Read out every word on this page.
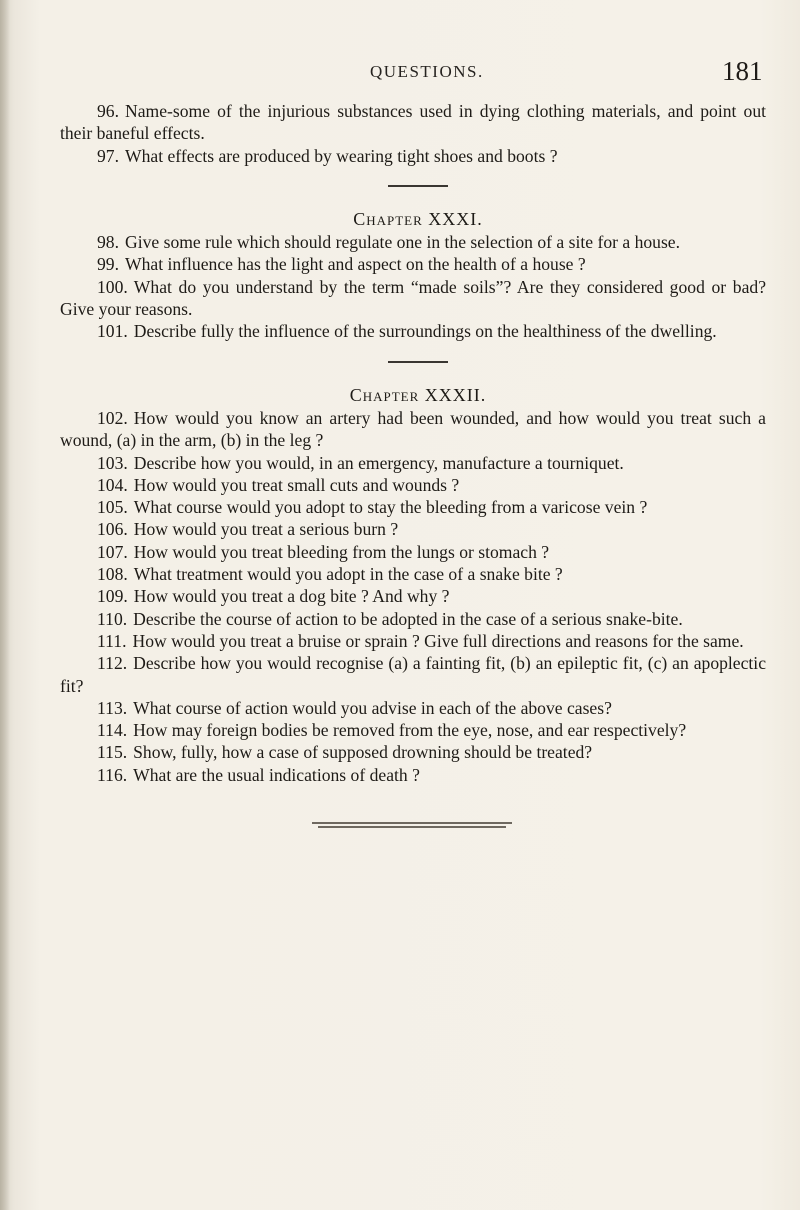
QUESTIONS.	181

96. Name-some of the injurious substances used in dying clothing materials, and point out their baneful effects.

97. What effects are produced by wearing tight shoes and boots ?

Chapter XXXI.

98. Give some rule which should regulate one in the selection of a site for a house.

99. What influence has the light and aspect on the health of a house ?

100. What do you understand by the term “made soils”? Are they considered good or bad? Give your reasons.

101. Describe fully the influence of the surroundings on the healthiness of the dwelling.

Chapter XXXII.

102. How would you know an artery had been wounded, and how would you treat such a wound, (a) in the arm, (b) in the leg ?

103. Describe how you would, in an emergency, manufacture a tourniquet.

104. How would you treat small cuts and wounds ?

105. What course would you adopt to stay the bleeding from a varicose vein ?

106. How would you treat a serious burn ?

107. How would you treat bleeding from the lungs or stomach ?

108. What treatment would you adopt in the case of a snake bite ?

109. How would you treat a dog bite ? And why ?

110. Describe the course of action to be adopted in the case of a serious snake-bite.

111. How would you treat a bruise or sprain ? Give full directions and reasons for the same.

112. Describe how you would recognise (a) a fainting fit, (b) an epileptic fit, (c) an apoplectic fit?

113. What course of action would you advise in each of the above cases?

114. How may foreign bodies be removed from the eye, nose, and ear respectively?

115. Show, fully, how a case of supposed drowning should be treated?

116. What are the usual indications of death ?
